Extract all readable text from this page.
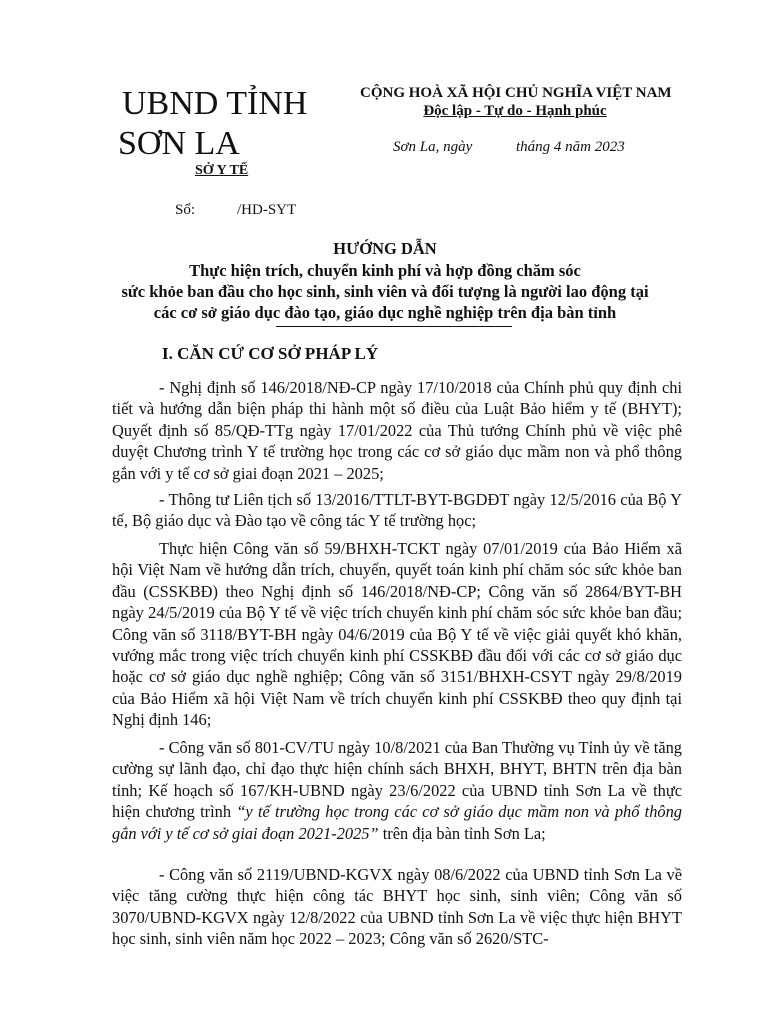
UBND TỈNH
SƠN LA
SỞ Y TẾ
Số:	/HD-SYT
CỘNG HOÀ XÃ HỘI CHỦ NGHĨA VIỆT NAM
Độc lập - Tự do - Hạnh phúc
Sơn La, ngày	tháng 4 năm 2023
HƯỚNG DẪN
Thực hiện trích, chuyển kinh phí và hợp đồng chăm sóc
sức khỏe ban đầu cho học sinh, sinh viên và đối tượng là người lao động tại
các cơ sở giáo dục đào tạo, giáo dục nghề nghiệp trên địa bàn tỉnh
I. CĂN CỨ CƠ SỞ PHÁP LÝ
- Nghị định số 146/2018/NĐ-CP ngày 17/10/2018 của Chính phủ quy định chi tiết và hướng dẫn biện pháp thi hành một số điều của Luật Bảo hiểm y tế (BHYT); Quyết định số 85/QĐ-TTg ngày 17/01/2022 của Thủ tướng Chính phủ về việc phê duyệt Chương trình Y tế trường học trong các cơ sở giáo dục mầm non và phổ thông gắn với y tế cơ sở giai đoạn 2021 – 2025;
- Thông tư Liên tịch số 13/2016/TTLT-BYT-BGDĐT ngày 12/5/2016 của Bộ Y tế, Bộ giáo dục và Đào tạo về công tác Y tế trường học;
Thực hiện Công văn số 59/BHXH-TCKT ngày 07/01/2019 của Bảo Hiểm xã hội Việt Nam về hướng dẫn trích, chuyển, quyết toán kinh phí chăm sóc sức khỏe ban đầu (CSSKBĐ) theo Nghị định số 146/2018/NĐ-CP; Công văn số 2864/BYT-BH ngày 24/5/2019 của Bộ Y tế về việc trích chuyển kinh phí chăm sóc sức khỏe ban đầu; Công văn số 3118/BYT-BH ngày 04/6/2019 của Bộ Y tế về việc giải quyết khó khăn, vướng mắc trong việc trích chuyển kinh phí CSSKBĐ đầu đối với các cơ sở giáo dục hoặc cơ sở giáo dục nghề nghiệp; Công văn số 3151/BHXH-CSYT ngày 29/8/2019 của Bảo Hiểm xã hội Việt Nam về trích chuyển kinh phí CSSKBĐ theo quy định tại Nghị định 146;
- Công văn số 801-CV/TU ngày 10/8/2021 của Ban Thường vụ Tỉnh ủy về tăng cường sự lãnh đạo, chỉ đạo thực hiện chính sách BHXH, BHYT, BHTN trên địa bàn tỉnh; Kế hoạch số 167/KH-UBND ngày 23/6/2022 của UBND tỉnh Sơn La về thực hiện chương trình “y tế trường học trong các cơ sở giáo dục mầm non và phổ thông gắn với y tế cơ sở giai đoạn 2021-2025” trên địa bàn tỉnh Sơn La;
- Công văn số 2119/UBND-KGVX ngày 08/6/2022 của UBND tỉnh Sơn La về việc tăng cường thực hiện công tác BHYT học sinh, sinh viên; Công văn số 3070/UBND-KGVX ngày 12/8/2022 của UBND tỉnh Sơn La về việc thực hiện BHYT học sinh, sinh viên năm học 2022 – 2023; Công văn số 2620/STC-
